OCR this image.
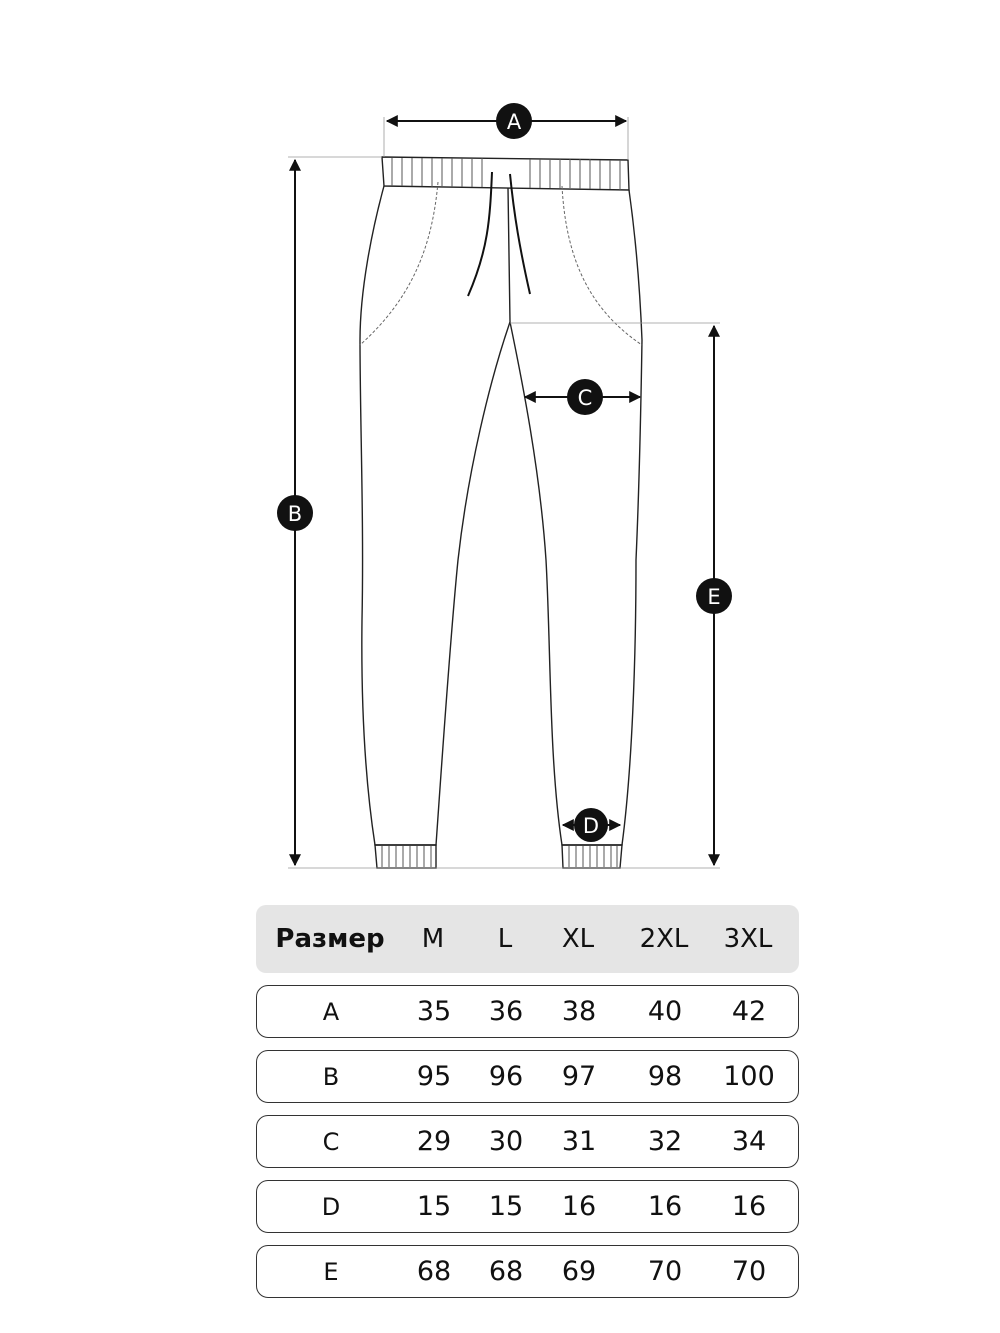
A
B
C
D
E
Размер	M	L	XL	2XL	3XL
A	35	36	38	40	42
B	95	96	97	98	100
C	29	30	31	32	34
D	15	15	16	16	16
E	68	68	69	70	70
